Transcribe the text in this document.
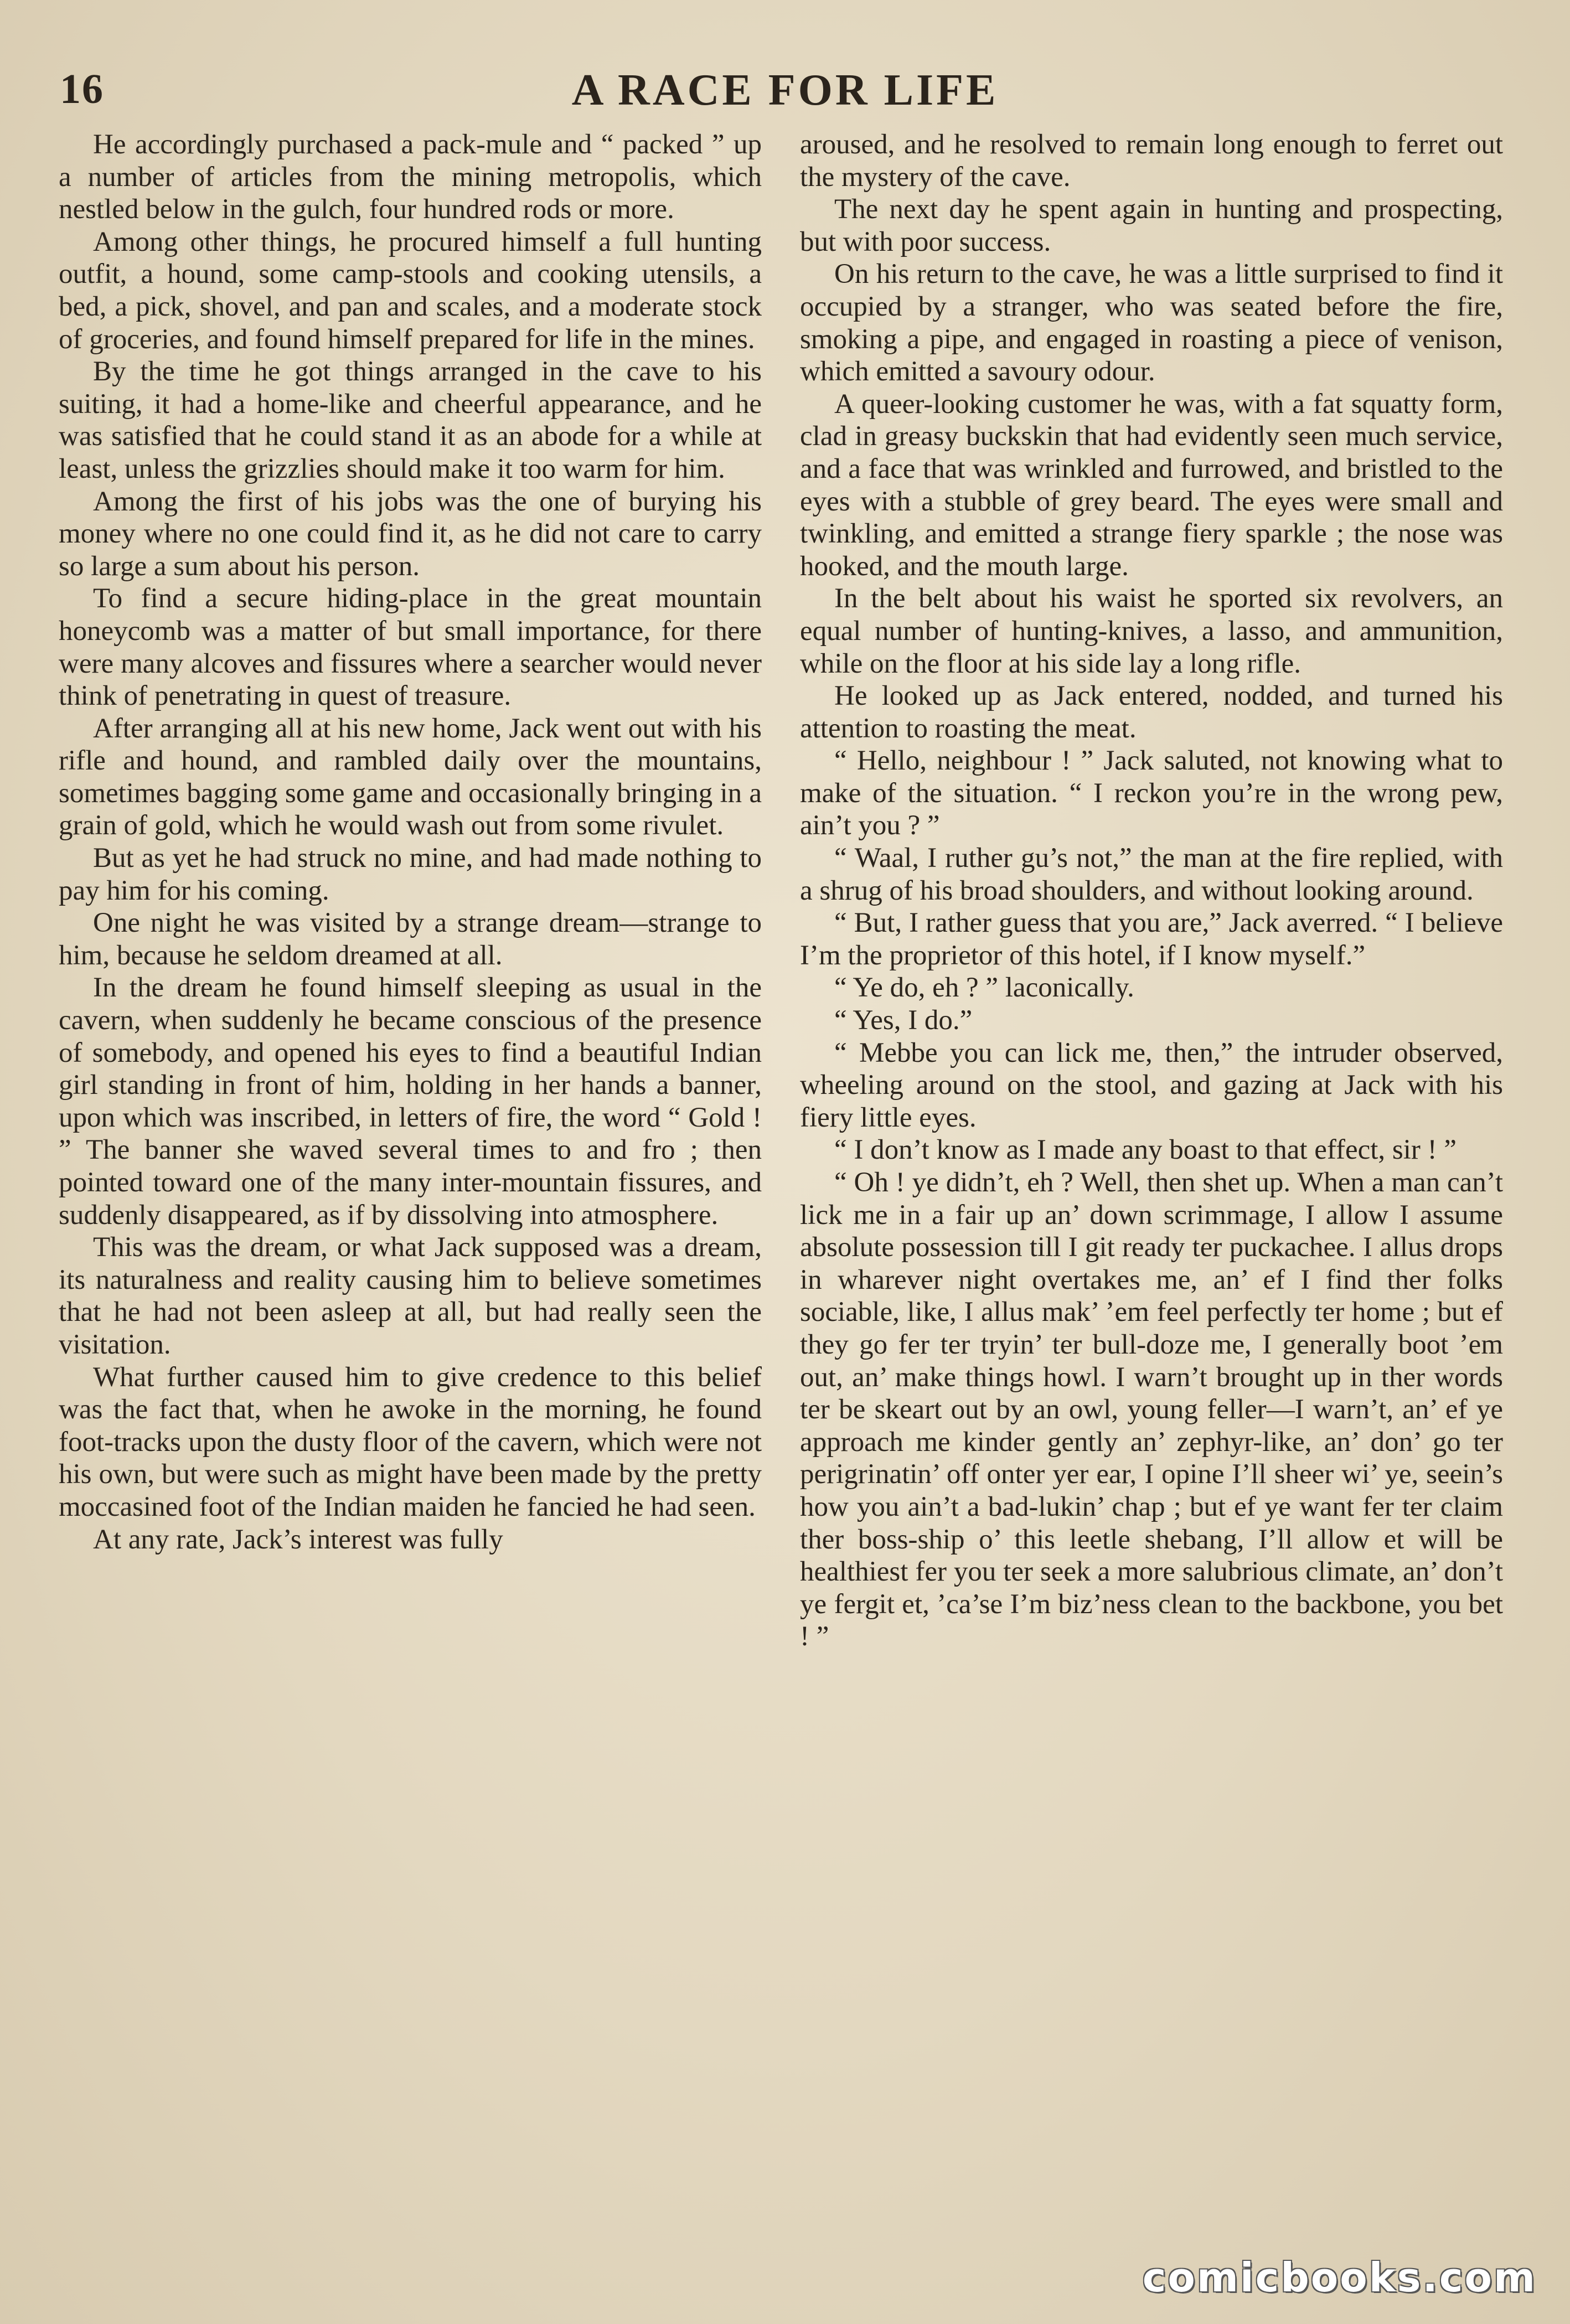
16	A RACE FOR LIFE

He accordingly purchased a pack-mule and “ packed ” up a number of articles from the mining metropolis, which nestled below in the gulch, four hundred rods or more.

Among other things, he procured himself a full hunting outfit, a hound, some camp-stools and cooking utensils, a bed, a pick, shovel, and pan and scales, and a moderate stock of groceries, and found himself prepared for life in the mines.

By the time he got things arranged in the cave to his suiting, it had a home-like and cheerful appearance, and he was satisfied that he could stand it as an abode for a while at least, unless the grizzlies should make it too warm for him.

Among the first of his jobs was the one of burying his money where no one could find it, as he did not care to carry so large a sum about his person.

To find a secure hiding-place in the great mountain honeycomb was a matter of but small importance, for there were many alcoves and fissures where a searcher would never think of penetrating in quest of treasure.

After arranging all at his new home, Jack went out with his rifle and hound, and rambled daily over the mountains, sometimes bagging some game and occasionally bringing in a grain of gold, which he would wash out from some rivulet.

But as yet he had struck no mine, and had made nothing to pay him for his coming.

One night he was visited by a strange dream—strange to him, because he seldom dreamed at all.

In the dream he found himself sleeping as usual in the cavern, when suddenly he became conscious of the presence of somebody, and opened his eyes to find a beautiful Indian girl standing in front of him, holding in her hands a banner, upon which was inscribed, in letters of fire, the word “ Gold ! ” The banner she waved several times to and fro ; then pointed toward one of the many inter-mountain fissures, and suddenly disappeared, as if by dissolving into atmosphere.

This was the dream, or what Jack supposed was a dream, its naturalness and reality causing him to believe sometimes that he had not been asleep at all, but had really seen the visitation.

What further caused him to give credence to this belief was the fact that, when he awoke in the morning, he found foot-tracks upon the dusty floor of the cavern, which were not his own, but were such as might have been made by the pretty moccasined foot of the Indian maiden he fancied he had seen.

At any rate, Jack’s interest was fully

aroused, and he resolved to remain long enough to ferret out the mystery of the cave.

The next day he spent again in hunting and prospecting, but with poor success.

On his return to the cave, he was a little surprised to find it occupied by a stranger, who was seated before the fire, smoking a pipe, and engaged in roasting a piece of venison, which emitted a savoury odour.

A queer-looking customer he was, with a fat squatty form, clad in greasy buckskin that had evidently seen much service, and a face that was wrinkled and furrowed, and bristled to the eyes with a stubble of grey beard. The eyes were small and twinkling, and emitted a strange fiery sparkle ; the nose was hooked, and the mouth large.

In the belt about his waist he sported six revolvers, an equal number of hunting-knives, a lasso, and ammunition, while on the floor at his side lay a long rifle.

He looked up as Jack entered, nodded, and turned his attention to roasting the meat.

“ Hello, neighbour ! ” Jack saluted, not knowing what to make of the situation. “ I reckon you’re in the wrong pew, ain’t you ? ”

“ Waal, I ruther gu’s not,” the man at the fire replied, with a shrug of his broad shoulders, and without looking around.

“ But, I rather guess that you are,” Jack averred. “ I believe I’m the proprietor of this hotel, if I know myself.”

“ Ye do, eh ? ” laconically.

“ Yes, I do.”

“ Mebbe you can lick me, then,” the intruder observed, wheeling around on the stool, and gazing at Jack with his fiery little eyes.

“ I don’t know as I made any boast to that effect, sir ! ”

“ Oh ! ye didn’t, eh ? Well, then shet up. When a man can’t lick me in a fair up an’ down scrimmage, I allow I assume absolute possession till I git ready ter puckachee. I allus drops in wharever night overtakes me, an’ ef I find ther folks sociable, like, I allus mak’ ’em feel perfectly ter home ; but ef they go fer ter tryin’ ter bull-doze me, I generally boot ’em out, an’ make things howl. I warn’t brought up in ther words ter be skeart out by an owl, young feller—I warn’t, an’ ef ye approach me kinder gently an’ zephyr-like, an’ don’ go ter perigrinatin’ off onter yer ear, I opine I’ll sheer wi’ ye, seein’s how you ain’t a bad-lukin’ chap ; but ef ye want fer ter claim ther boss-ship o’ this leetle shebang, I’ll allow et will be healthiest fer you ter seek a more salubrious climate, an’ don’t ye fergit et, ’ca’se I’m biz’ness clean to the backbone, you bet ! ”

comicbooks.com
